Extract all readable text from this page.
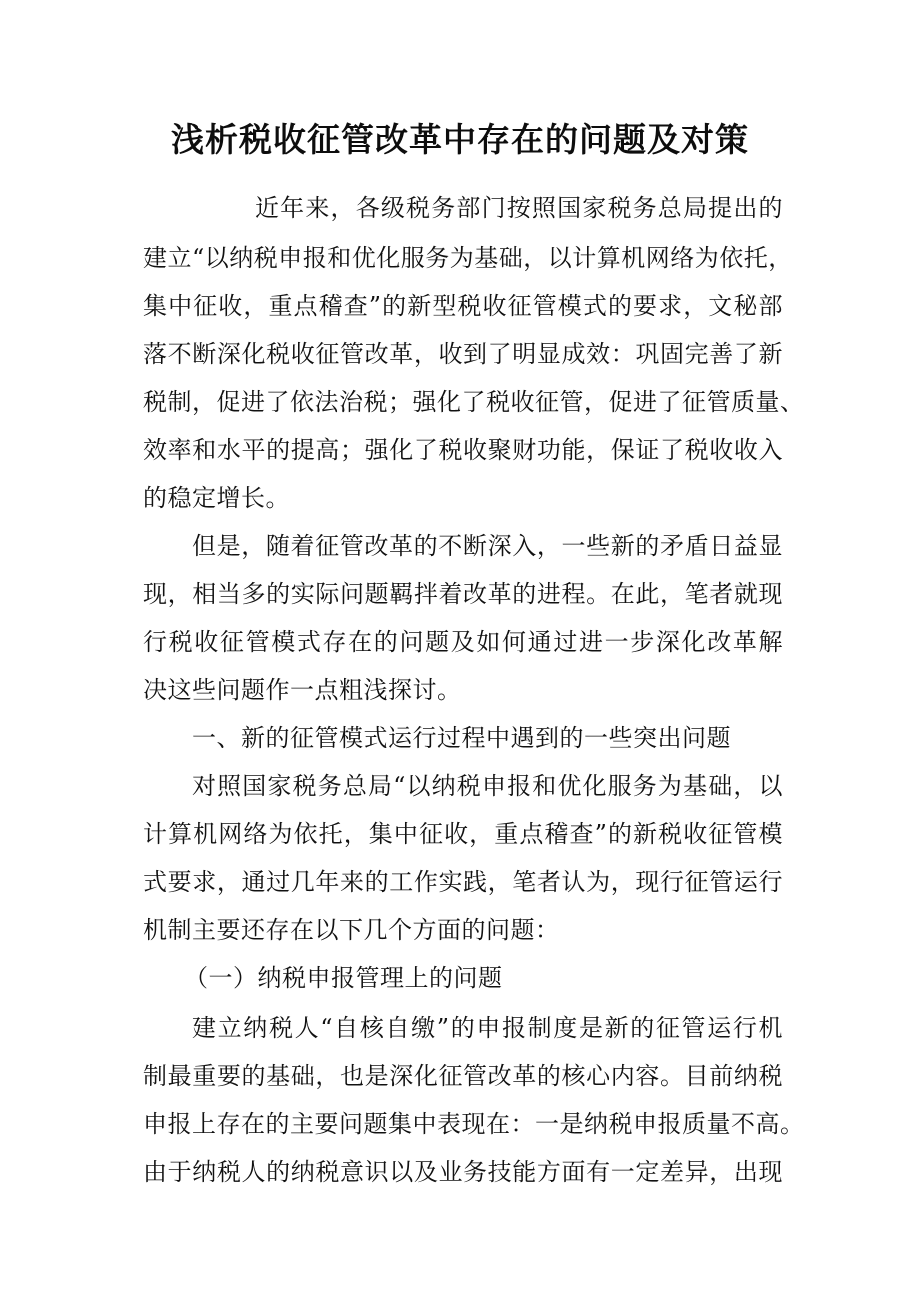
浅析税收征管改革中存在的问题及对策
近年来，各级税务部门按照国家税务总局提出的
建立“以纳税申报和优化服务为基础，以计算机网络为依托，
集中征收，重点稽查”的新型税收征管模式的要求，文秘部
落不断深化税收征管改革，收到了明显成效：巩固完善了新
税制，促进了依法治税；强化了税收征管，促进了征管质量、
效率和水平的提高；强化了税收聚财功能，保证了税收收入
的稳定增长。
但是，随着征管改革的不断深入，一些新的矛盾日益显
现，相当多的实际问题羁拌着改革的进程。在此，笔者就现
行税收征管模式存在的问题及如何通过进一步深化改革解
决这些问题作一点粗浅探讨。
一、新的征管模式运行过程中遇到的一些突出问题
对照国家税务总局“以纳税申报和优化服务为基础，以
计算机网络为依托，集中征收，重点稽查”的新税收征管模
式要求，通过几年来的工作实践，笔者认为，现行征管运行
机制主要还存在以下几个方面的问题：
（一）纳税申报管理上的问题
建立纳税人“自核自缴”的申报制度是新的征管运行机
制最重要的基础，也是深化征管改革的核心内容。目前纳税
申报上存在的主要问题集中表现在：一是纳税申报质量不高。
由于纳税人的纳税意识以及业务技能方面有一定差异，出现
